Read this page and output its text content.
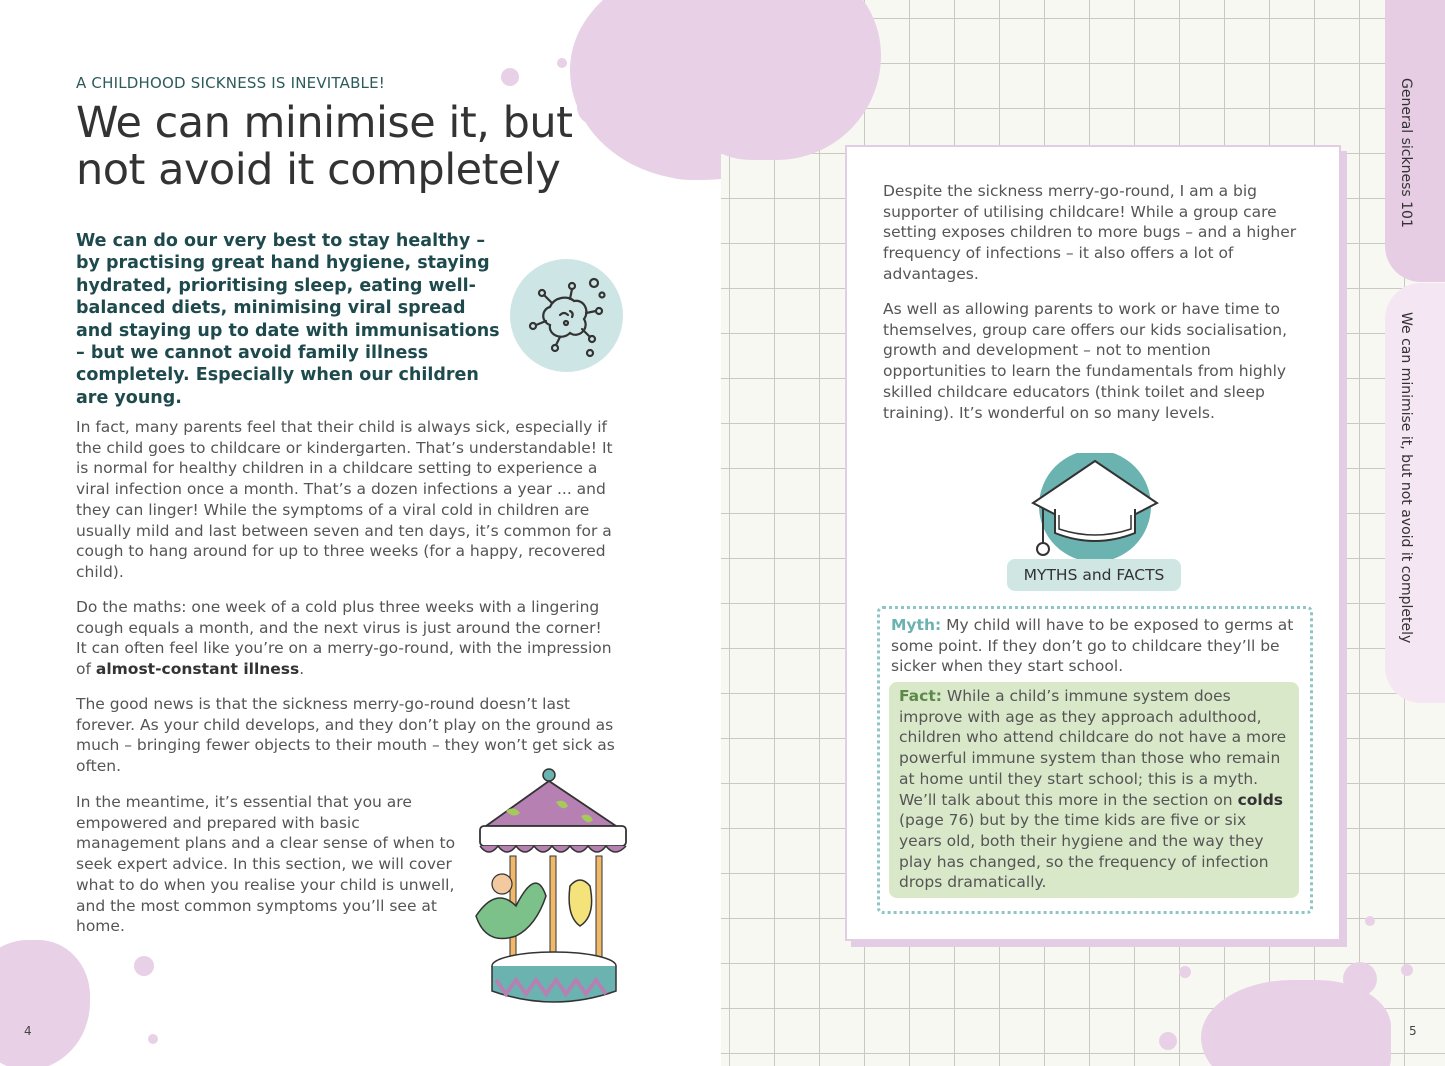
A CHILDHOOD SICKNESS IS INEVITABLE!
We can minimise it, but not avoid it completely
We can do our very best to stay healthy – by practising great hand hygiene, staying hydrated, prioritising sleep, eating well-balanced diets, minimising viral spread and staying up to date with immunisations – but we cannot avoid family illness completely. Especially when our children are young.
In fact, many parents feel that their child is always sick, especially if the child goes to childcare or kindergarten. That’s understandable! It is normal for healthy children in a childcare setting to experience a viral infection once a month. That’s a dozen infections a year ... and they can linger! While the symptoms of a viral cold in children are usually mild and last between seven and ten days, it’s common for a cough to hang around for up to three weeks (for a happy, recovered child).
Do the maths: one week of a cold plus three weeks with a lingering cough equals a month, and the next virus is just around the corner! It can often feel like you’re on a merry-go-round, with the impression of almost-constant illness.
The good news is that the sickness merry-go-round doesn’t last forever. As your child develops, and they don’t play on the ground as much – bringing fewer objects to their mouth – they won’t get sick as often.
In the meantime, it’s essential that you are empowered and prepared with basic management plans and a clear sense of when to seek expert advice. In this section, we will cover what to do when you realise your child is unwell, and the most common symptoms you’ll see at home.
4
Despite the sickness merry-go-round, I am a big supporter of utilising childcare! While a group care setting exposes children to more bugs – and a higher frequency of infections – it also offers a lot of advantages.
As well as allowing parents to work or have time to themselves, group care offers our kids socialisation, growth and development – not to mention opportunities to learn the fundamentals from highly skilled childcare educators (think toilet and sleep training). It’s wonderful on so many levels.
MYTHS and FACTS
Myth: My child will have to be exposed to germs at some point. If they don’t go to childcare they’ll be sicker when they start school.
Fact: While a child’s immune system does improve with age as they approach adulthood, children who attend childcare do not have a more powerful immune system than those who remain at home until they start school; this is a myth. We’ll talk about this more in the section on colds (page 76) but by the time kids are five or six years old, both their hygiene and the way they play has changed, so the frequency of infection drops dramatically.
General sickness 101
We can minimise it, but not avoid it completely
5
